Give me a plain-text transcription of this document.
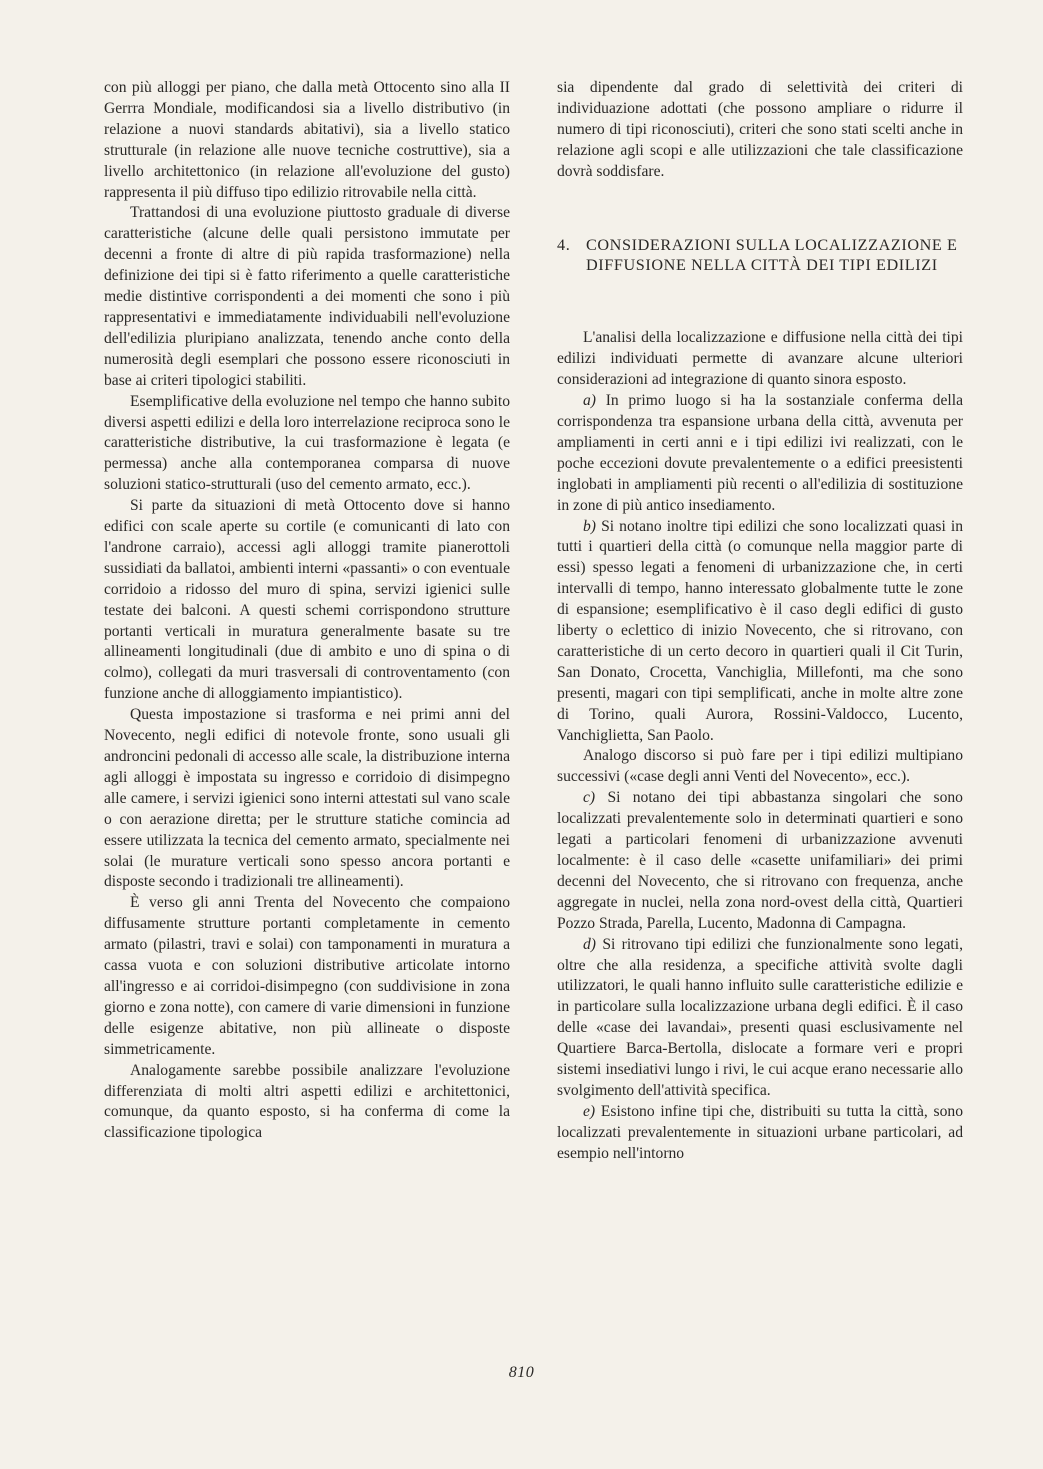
con più alloggi per piano, che dalla metà Ottocento sino alla II Gerrra Mondiale, modificandosi sia a livello distributivo (in relazione a nuovi standards abitativi), sia a livello statico strutturale (in relazione alle nuove tecniche costruttive), sia a livello architettonico (in relazione all'evoluzione del gusto) rappresenta il più diffuso tipo edilizio ritrovabile nella città.

Trattandosi di una evoluzione piuttosto graduale di diverse caratteristiche (alcune delle quali persistono immutate per decenni a fronte di altre di più rapida trasformazione) nella definizione dei tipi si è fatto riferimento a quelle caratteristiche medie distintive corrispondenti a dei momenti che sono i più rappresentativi e immediatamente individuabili nell'evoluzione dell'edilizia pluripiano analizzata, tenendo anche conto della numerosità degli esemplari che possono essere riconosciuti in base ai criteri tipologici stabiliti.

Esemplificative della evoluzione nel tempo che hanno subito diversi aspetti edilizi e della loro interrelazione reciproca sono le caratteristiche distributive, la cui trasformazione è legata (e permessa) anche alla contemporanea comparsa di nuove soluzioni statico-strutturali (uso del cemento armato, ecc.).

Si parte da situazioni di metà Ottocento dove si hanno edifici con scale aperte su cortile (e comunicanti di lato con l'androne carraio), accessi agli alloggi tramite pianerottoli sussidiati da ballatoi, ambienti interni «passanti» o con eventuale corridoio a ridosso del muro di spina, servizi igienici sulle testate dei balconi. A questi schemi corrispondono strutture portanti verticali in muratura generalmente basate su tre allineamenti longitudinali (due di ambito e uno di spina o di colmo), collegati da muri trasversali di controventamento (con funzione anche di alloggiamento impiantistico).

Questa impostazione si trasforma e nei primi anni del Novecento, negli edifici di notevole fronte, sono usuali gli androncini pedonali di accesso alle scale, la distribuzione interna agli alloggi è impostata su ingresso e corridoio di disimpegno alle camere, i servizi igienici sono interni attestati sul vano scale o con aerazione diretta; per le strutture statiche comincia ad essere utilizzata la tecnica del cemento armato, specialmente nei solai (le murature verticali sono spesso ancora portanti e disposte secondo i tradizionali tre allineamenti).

È verso gli anni Trenta del Novecento che compaiono diffusamente strutture portanti completamente in cemento armato (pilastri, travi e solai) con tamponamenti in muratura a cassa vuota e con soluzioni distributive articolate intorno all'ingresso e ai corridoi-disimpegno (con suddivisione in zona giorno e zona notte), con camere di varie dimensioni in funzione delle esigenze abitative, non più allineate o disposte simmetricamente.

Analogamente sarebbe possibile analizzare l'evoluzione differenziata di molti altri aspetti edilizi e architettonici, comunque, da quanto esposto, si ha conferma di come la classificazione tipologica

sia dipendente dal grado di selettività dei criteri di individuazione adottati (che possono ampliare o ridurre il numero di tipi riconosciuti), criteri che sono stati scelti anche in relazione agli scopi e alle utilizzazioni che tale classificazione dovrà soddisfare.

4. CONSIDERAZIONI SULLA LOCALIZZAZIONE E DIFFUSIONE NELLA CITTÀ DEI TIPI EDILIZI

L'analisi della localizzazione e diffusione nella città dei tipi edilizi individuati permette di avanzare alcune ulteriori considerazioni ad integrazione di quanto sinora esposto.

a) In primo luogo si ha la sostanziale conferma della corrispondenza tra espansione urbana della città, avvenuta per ampliamenti in certi anni e i tipi edilizi ivi realizzati, con le poche eccezioni dovute prevalentemente o a edifici preesistenti inglobati in ampliamenti più recenti o all'edilizia di sostituzione in zone di più antico insediamento.

b) Si notano inoltre tipi edilizi che sono localizzati quasi in tutti i quartieri della città (o comunque nella maggior parte di essi) spesso legati a fenomeni di urbanizzazione che, in certi intervalli di tempo, hanno interessato globalmente tutte le zone di espansione; esemplificativo è il caso degli edifici di gusto liberty o eclettico di inizio Novecento, che si ritrovano, con caratteristiche di un certo decoro in quartieri quali il Cit Turin, San Donato, Crocetta, Vanchiglia, Millefonti, ma che sono presenti, magari con tipi semplificati, anche in molte altre zone di Torino, quali Aurora, Rossini-Valdocco, Lucento, Vanchiglietta, San Paolo.

Analogo discorso si può fare per i tipi edilizi multipiano successivi («case degli anni Venti del Novecento», ecc.).

c) Si notano dei tipi abbastanza singolari che sono localizzati prevalentemente solo in determinati quartieri e sono legati a particolari fenomeni di urbanizzazione avvenuti localmente: è il caso delle «casette unifamiliari» dei primi decenni del Novecento, che si ritrovano con frequenza, anche aggregate in nuclei, nella zona nord-ovest della città, Quartieri Pozzo Strada, Parella, Lucento, Madonna di Campagna.

d) Si ritrovano tipi edilizi che funzionalmente sono legati, oltre che alla residenza, a specifiche attività svolte dagli utilizzatori, le quali hanno influito sulle caratteristiche edilizie e in particolare sulla localizzazione urbana degli edifici. È il caso delle «case dei lavandai», presenti quasi esclusivamente nel Quartiere Barca-Bertolla, dislocate a formare veri e propri sistemi insediativi lungo i rivi, le cui acque erano necessarie allo svolgimento dell'attività specifica.

e) Esistono infine tipi che, distribuiti su tutta la città, sono localizzati prevalentemente in situazioni urbane particolari, ad esempio nell'intorno

810
